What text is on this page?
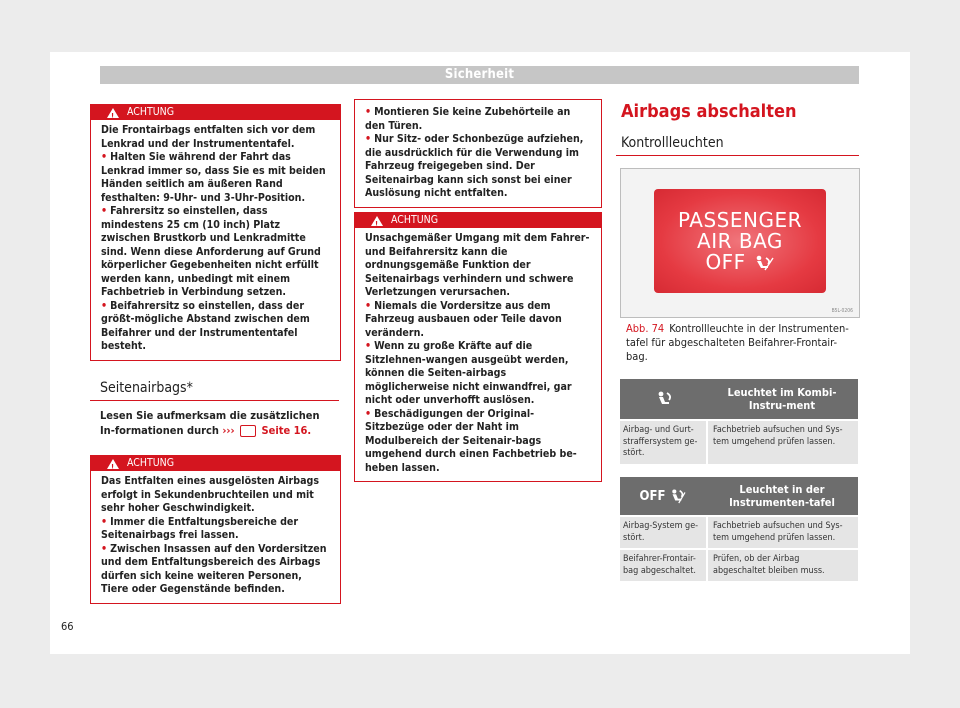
Sicherheit
!
ACHTUNG

Die Frontairbags entfalten sich vor dem Lenkrad und der Instrumententafel.

• Halten Sie während der Fahrt das Lenkrad immer so, dass Sie es mit beiden Händen seitlich am äußeren Rand festhalten: 9-Uhr- und 3-Uhr-Position.

• Fahrersitz so einstellen, dass mindestens 25 cm (10 inch) Platz zwischen Brustkorb und Lenkradmitte sind. Wenn diese Anforderung auf Grund körperlicher Gegebenheiten nicht erfüllt werden kann, unbedingt mit einem Fachbetrieb in Verbindung setzen.

• Beifahrersitz so einstellen, dass der größt-mögliche Abstand zwischen dem Beifahrer und der Instrumententafel besteht.

Seitenairbags*
Lesen Sie aufmerksam die zusätzlichen In-formationen durch ››› Seite 16.
!
ACHTUNG

Das Entfalten eines ausgelösten Airbags erfolgt in Sekundenbruchteilen und mit sehr hoher Geschwindigkeit.

• Immer die Entfaltungsbereiche der Seitenairbags frei lassen.

• Zwischen Insassen auf den Vordersitzen und dem Entfaltungsbereich des Airbags dürfen sich keine weiteren Personen, Tiere oder Gegenstände befinden.

• Montieren Sie keine Zubehörteile an den Türen.

• Nur Sitz- oder Schonbezüge aufziehen, die ausdrücklich für die Verwendung im Fahrzeug freigegeben sind. Der Seitenairbag kann sich sonst bei einer Auslösung nicht entfalten.

!
ACHTUNG

Unsachgemäßer Umgang mit dem Fahrer- und Beifahrersitz kann die ordnungsgemäße Funktion der Seitenairbags verhindern und schwere Verletzungen verursachen.

• Niemals die Vordersitze aus dem Fahrzeug ausbauen oder Teile davon verändern.

• Wenn zu große Kräfte auf die Sitzlehnen-wangen ausgeübt werden, können die Seiten-airbags möglicherweise nicht einwandfrei, gar nicht oder unverhofft auslösen.

• Beschädigungen der Original-Sitzbezüge oder der Naht im Modulbereich der Seitenair-bags umgehend durch einen Fachbetrieb be-heben lassen.

Airbags abschalten
Kontrollleuchten
PASSENGER
AIR BAG
OFF
B5L-0206
Abb. 74 Kontrollleuchte in der Instrumenten-tafel für abgeschalteten Beifahrer-Frontair-bag.
Leuchtet im Kombi-Instru-ment
Airbag- und Gurt-straffersystem ge-stört.
Fachbetrieb aufsuchen und Sys-tem umgehend prüfen lassen.
OFF	Leuchtet in der Instrumenten-tafel
Airbag-System ge-stört.
Fachbetrieb aufsuchen und Sys-tem umgehend prüfen lassen.
Beifahrer-Frontair-bag abgeschaltet.
Prüfen, ob der Airbag abgeschaltet bleiben muss.
66
